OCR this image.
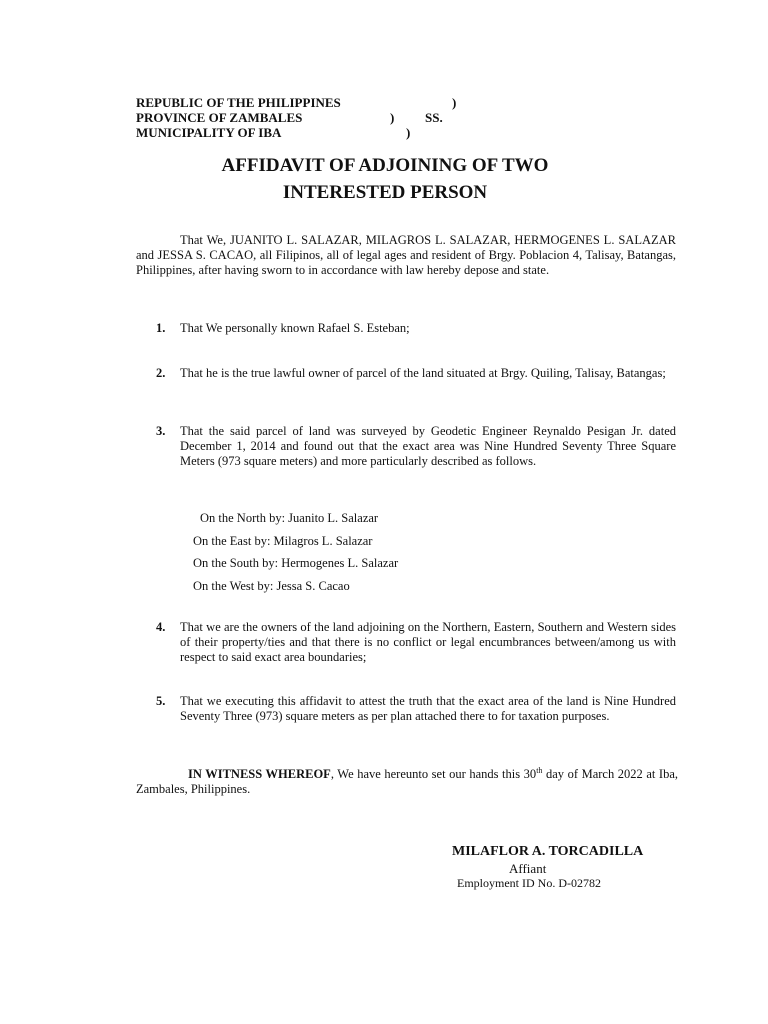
REPUBLIC OF THE PHILIPPINES	)
PROVINCE OF ZAMBALES	) SS.
MUNICIPALITY OF IBA	)
AFFIDAVIT OF ADJOINING OF TWO
INTERESTED PERSON
That We, JUANITO L. SALAZAR, MILAGROS L. SALAZAR, HERMOGENES L. SALAZAR and JESSA S. CACAO, all Filipinos, all of legal ages and resident of Brgy. Poblacion 4, Talisay, Batangas, Philippines, after having sworn to in accordance with law hereby depose and state.
1. That We personally known Rafael S. Esteban;
2. That he is the true lawful owner of parcel of the land situated at Brgy. Quiling, Talisay, Batangas;
3. That the said parcel of land was surveyed by Geodetic Engineer Reynaldo Pesigan Jr. dated December 1, 2014 and found out that the exact area was Nine Hundred Seventy Three Square Meters (973 square meters) and more particularly described as follows.
On the North by: Juanito L. Salazar
On the East by: Milagros L. Salazar
On the South by: Hermogenes L. Salazar
On the West by: Jessa S. Cacao
4. That we are the owners of the land adjoining on the Northern, Eastern, Southern and Western sides of their property/ties and that there is no conflict or legal encumbrances between/among us with respect to said exact area boundaries;
5. That we executing this affidavit to attest the truth that the exact area of the land is Nine Hundred Seventy Three (973) square meters as per plan attached there to for taxation purposes.
IN WITNESS WHEREOF, We have hereunto set our hands this 30th day of March 2022 at Iba, Zambales, Philippines.
MILAFLOR A. TORCADILLA
Affiant
Employment ID No. D-02782
